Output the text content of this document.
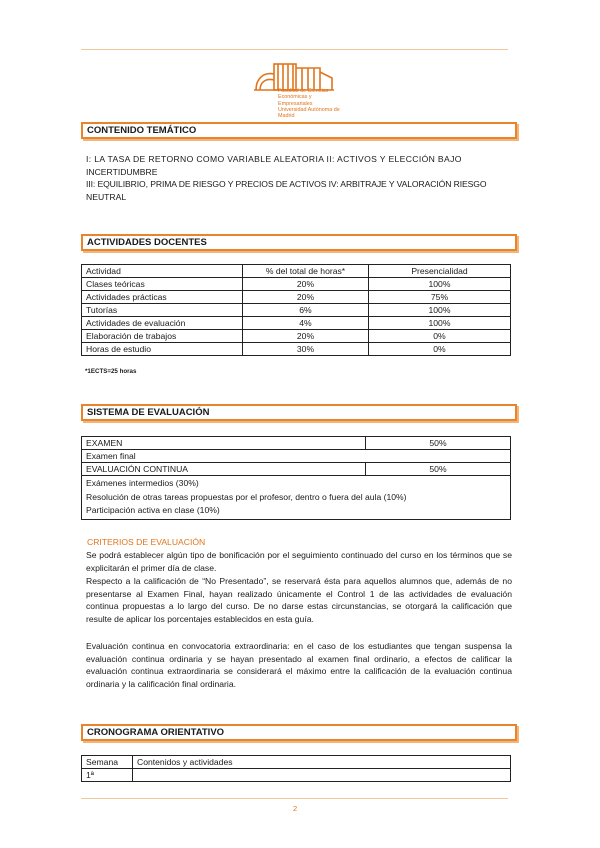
Facultad de Ciencias
Económicas y Empresariales
Universidad Autónoma de Madrid
CONTENIDO TEMÁTICO
I: LA TASA DE RETORNO COMO VARIABLE ALEATORIA II: ACTIVOS Y ELECCIÓN BAJO
INCERTIDUMBRE
III: EQUILIBRIO, PRIMA DE RIESGO Y PRECIOS DE ACTIVOS IV: ARBITRAJE Y VALORACIÓN RIESGO
NEUTRAL
ACTIVIDADES DOCENTES
Actividad	% del total de horas*	Presencialidad
Clases teóricas	20%	100%
Actividades prácticas	20%	75%
Tutorías	6%	100%
Actividades de evaluación	4%	100%
Elaboración de trabajos	20%	0%
Horas de estudio	30%	0%
*1ECTS=25 horas
SISTEMA DE EVALUACIÓN
EXAMEN	50%
Examen final	
EVALUACIÓN CONTINUA	50%

Exámenes intermedios (30%)
Resolución de otras tareas propuestas por el profesor, dentro o fuera del aula (10%)
Participación activa en clase (10%)	
CRITERIOS DE EVALUACIÓN
Se podrá establecer algún tipo de bonificación por el seguimiento continuado del curso en los términos que se explicitarán el primer día de clase.
Respecto a la calificación de “No Presentado”, se reservará ésta para aquellos alumnos que, además de no presentarse al Examen Final, hayan realizado únicamente el Control 1 de las actividades de evaluación continua propuestas a lo largo del curso. De no darse estas circunstancias, se otorgará la calificación que resulte de aplicar los porcentajes establecidos en esta guía.
Evaluación continua en convocatoria extraordinaria: en el caso de los estudiantes que tengan suspensa la evaluación continua ordinaria y se hayan presentado al examen final ordinario, a efectos de calificar la evaluación continua extraordinaria se considerará el máximo entre la calificación de la evaluación continua ordinaria y la calificación final ordinaria.
CRONOGRAMA ORIENTATIVO
Semana	Contenidos y actividades
1ª	
2
